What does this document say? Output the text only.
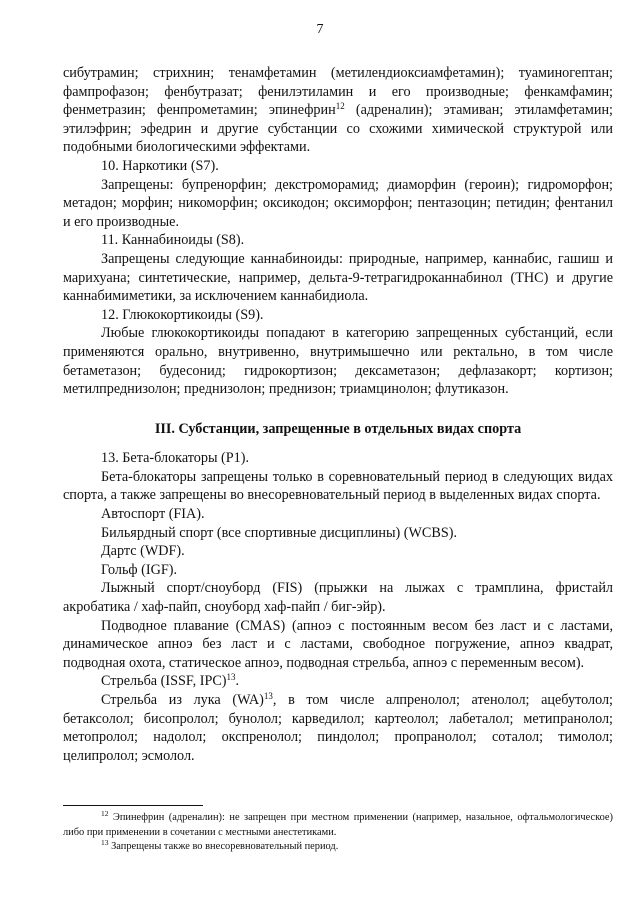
7

сибутрамин; стрихнин; тенамфетамин (метилендиоксиамфетамин); туаминогептан; фампрофазон; фенбутразат; фенилэтиламин и его производные; фенкамфамин; фенметразин; фенпрометамин; эпинефрин$^{12}$ (адреналин); этамиван; этиламфетамин; этилэфрин; эфедрин и другие субстанции со схожими химической структурой или подобными биологическими эффектами.

10. Наркотики (S7).

Запрещены: бупренорфин; декстроморамид; диаморфин (героин); гидроморфон; метадон; морфин; никоморфин; оксикодон; оксиморфон; пентазоцин; петидин; фентанил и его производные.

11. Каннабиноиды (S8).

Запрещены следующие каннабиноиды: природные, например, каннабис, гашиш и марихуана; синтетические, например, дельта-9-тетрагидроканнабинол (THC) и другие каннабимиметики, за исключением каннабидиола.

12. Глюкокортикоиды (S9).

Любые глюкокортикоиды попадают в категорию запрещенных субстанций, если применяются орально, внутривенно, внутримышечно или ректально, в том числе бетаметазон; будесонид; гидрокортизон; дексаметазон; дефлазакорт; кортизон; метилпреднизолон; преднизолон; преднизон; триамцинолон; флутиказон.

III. Субстанции, запрещенные в отдельных видах спорта

13. Бета-блокаторы (P1).

Бета-блокаторы запрещены только в соревновательный период в следующих видах спорта, а также запрещены во внесоревновательный период в выделенных видах спорта.

Автоспорт (FIA).

Бильярдный спорт (все спортивные дисциплины) (WCBS).

Дартс (WDF).

Гольф (IGF).

Лыжный спорт/сноуборд (FIS) (прыжки на лыжах с трамплина, фристайл акробатика / хаф-пайп, сноуборд хаф-пайп / биг-эйр).

Подводное плавание (CMAS) (апноэ с постоянным весом без ласт и с ластами, динамическое апноэ без ласт и с ластами, свободное погружение, апноэ квадрат, подводная охота, статическое апноэ, подводная стрельба, апноэ с переменным весом).

Стрельба (ISSF, IPC)$^{13}$.

Стрельба из лука (WA)$^{13}$, в том числе алпренолол; атенолол; ацебутолол; бетаксолол; бисопролол; бунолол; карведилол; картеолол; лабеталол; метипранолол; метопролол; надолол; окспренолол; пиндолол; пропранолол; соталол; тимолол; целипролол; эсмолол.

$^{12}$ Эпинефрин (адреналин): не запрещен при местном применении (например, назальное, офтальмологическое) либо при применении в сочетании с местными анестетиками.

$^{13}$ Запрещены также во внесоревновательный период.
